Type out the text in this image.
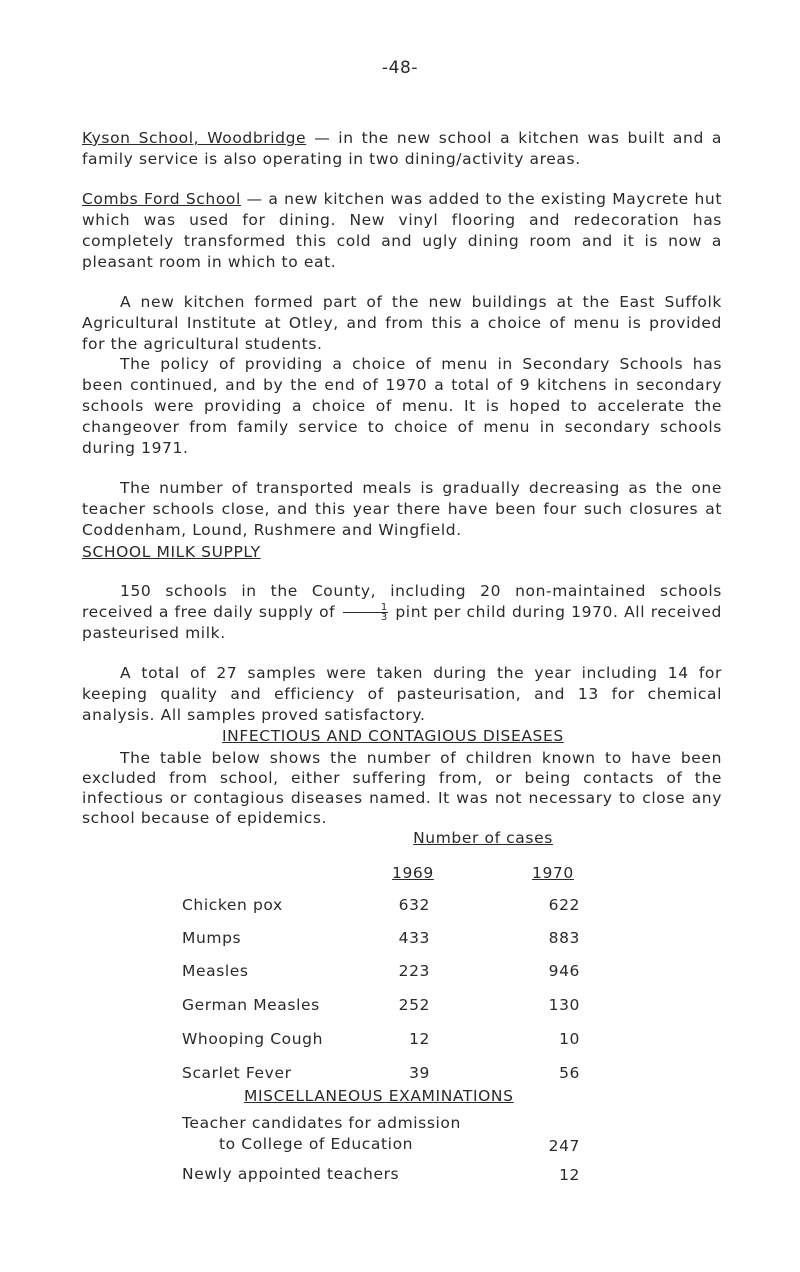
-48-
Kyson School, Woodbridge — in the new school a kitchen was built and a family service is also operating in two dining/activity areas.
Combs Ford School — a new kitchen was added to the existing Maycrete hut which was used for dining. New vinyl flooring and redecoration has completely transformed this cold and ugly dining room and it is now a pleasant room in which to eat.
A new kitchen formed part of the new buildings at the East Suffolk Agricultural Institute at Otley, and from this a choice of menu is provided for the agricultural students.
The policy of providing a choice of menu in Secondary Schools has been continued, and by the end of 1970 a total of 9 kitchens in secondary schools were providing a choice of menu. It is hoped to accelerate the changeover from family service to choice of menu in secondary schools during 1971.
The number of transported meals is gradually decreasing as the one teacher schools close, and this year there have been four such closures at Coddenham, Lound, Rushmere and Wingfield.
SCHOOL MILK SUPPLY
150 schools in the County, including 20 non-maintained schools received a free daily supply of $\frac{1}{3}$ pint per child during 1970. All received pasteurised milk.
A total of 27 samples were taken during the year including 14 for keeping quality and efficiency of pasteurisation, and 13 for chemical analysis. All samples proved satisfactory.
INFECTIOUS AND CONTAGIOUS DISEASES
The table below shows the number of children known to have been excluded from school, either suffering from, or being contacts of the infectious or contagious diseases named. It was not necessary to close any school because of epidemics.
Number of cases
1969	1970
Chicken pox	632	622
Mumps	433	883
Measles	223	946
German Measles	252	130
Whooping Cough	12	10
Scarlet Fever	39	56
MISCELLANEOUS EXAMINATIONS
Teacher candidates for admission
to College of Education	247
Newly appointed teachers	12
